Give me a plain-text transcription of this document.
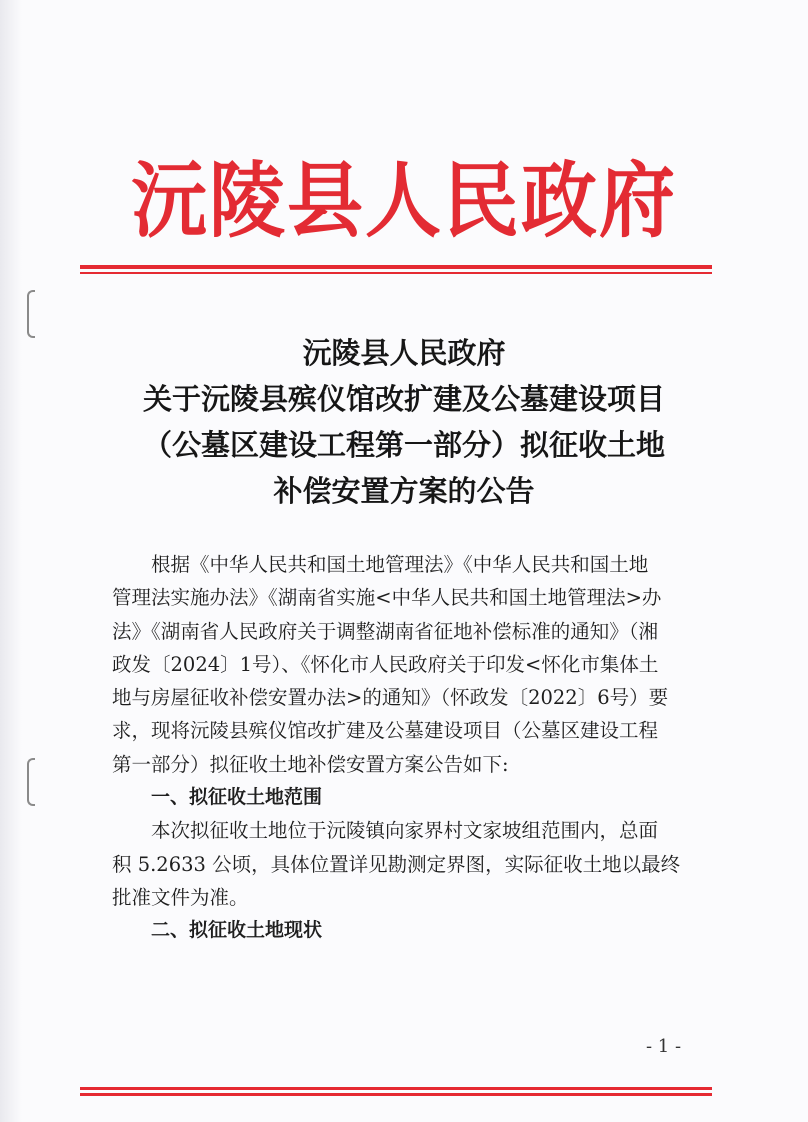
沅陵县人民政府
沅陵县人民政府
关于沅陵县殡仪馆改扩建及公墓建设项目
（公墓区建设工程第一部分）拟征收土地
补偿安置方案的公告
根据《中华人民共和国土地管理法》《中华人民共和国土地
管理法实施办法》《湖南省实施<中华人民共和国土地管理法>办
法》《湖南省人民政府关于调整湖南省征地补偿标准的通知》（湘
政发〔2024〕1号）、《怀化市人民政府关于印发<怀化市集体土
地与房屋征收补偿安置办法>的通知》（怀政发〔2022〕6号）要
求，现将沅陵县殡仪馆改扩建及公墓建设项目（公墓区建设工程
第一部分）拟征收土地补偿安置方案公告如下:
一、拟征收土地范围
本次拟征收土地位于沅陵镇向家界村文家坡组范围内，总面
积 5.2633 公顷，具体位置详见勘测定界图，实际征收土地以最终
批准文件为准。
二、拟征收土地现状
- 1 -
